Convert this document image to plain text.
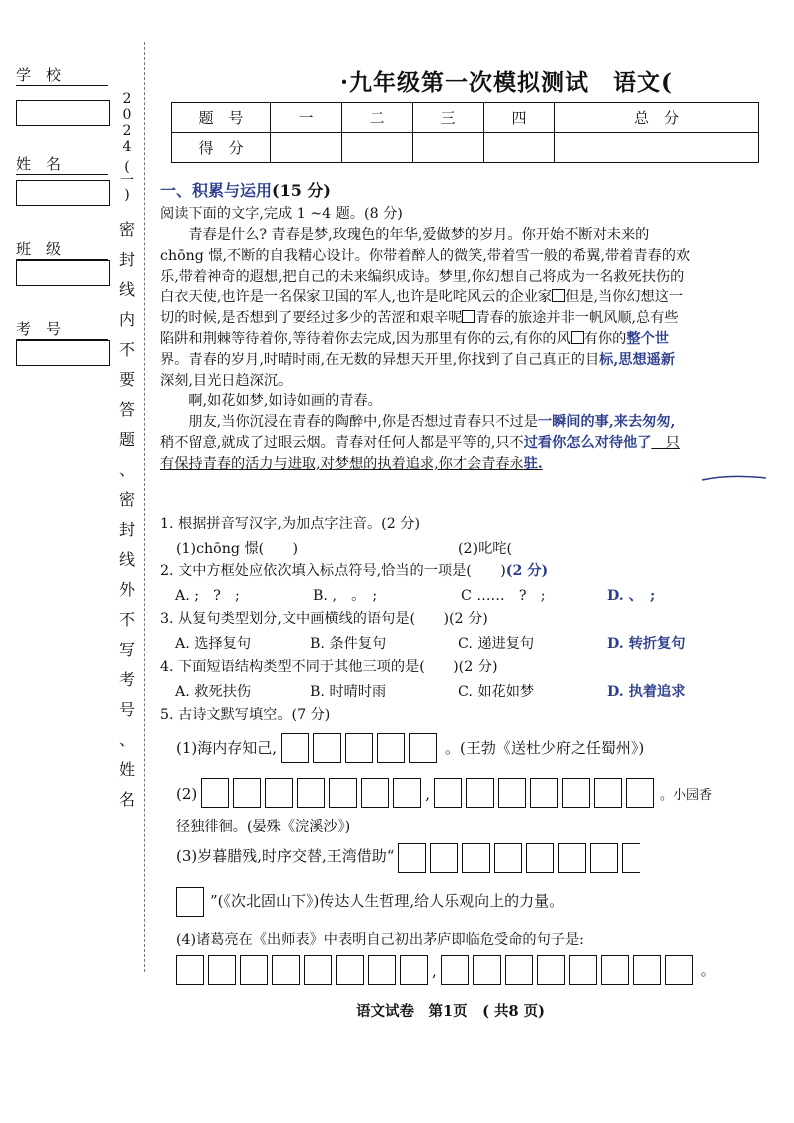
学　校
姓　名
班　级
考　号
2
0
2
4
(
一
)
密
封
线
内
不
要
答
题
、
密
封
线
外
不
写
考
号
、
姓
名
·九年级第一次模拟测试　语文(
题　号	一	二	三	四	总　分
得　分					
一、积累与运用(15 分)
阅读下面的文字,完成 1 ~4 题。(8 分)
　　青春是什么? 青春是梦,玫瑰色的年华,爱做梦的岁月。你开始不断对未来的
chōng 憬,不断的自我精心设计。你带着醉人的微笑,带着雪一般的希翼,带着青春的欢
乐,带着神奇的遐想,把自己的未来编织成诗。梦里,你幻想自己将成为一名救死扶伤的
白衣天使,也许是一名保家卫国的军人,也许是叱咤风云的企业家 但是,当你幻想这一
切的时候,是否想到了要经过多少的苦涩和艰辛呢 青春的旅途并非一帆风顺,总有些
陷阱和荆棘等待着你,等待着你去完成,因为那里有你的云,有你的风 有你的整个世
界。青春的岁月,时晴时雨,在无数的异想天开里,你找到了自己真正的目标,思想遥新
深刻,目光日趋深沉。
　　啊,如花如梦,如诗如画的青春。
　　朋友,当你沉浸在青春的陶醉中,你是否想过青春只不过是一瞬间的事,来去匆匆,
稍不留意,就成了过眼云烟。青春对任何人都是平等的,只不过看你怎么对待他了　只
有保持青春的活力与进取,对梦想的执着追求,你才会青春永驻.
1. 根据拼音写汉字,为加点字注音。(2 分)
(1)chōng 憬(　　)	(2)叱咤(
2. 文中方框处应依次填入标点符号,恰当的一项是(　　)(2 分)
A. ;　?　;	B. ,　。　;	C ……　?　;	D. 、　;
3. 从复句类型划分,文中画横线的语句是(　　)(2 分)
A. 选择复句	B. 条件复句	C. 递进复句	D. 转折复句
4. 下面短语结构类型不同于其他三项的是(　　)(2 分)
A. 救死扶伤	B. 时晴时雨	C. 如花如梦	D. 执着追求
5. 古诗文默写填空。(7 分)
(1)海内存知己,	。(王勃《送杜少府之任蜀州》)
(2)	,	。小园香
径独徘徊。(晏殊《浣溪沙》)
(3)岁暮腊残,时序交替,王湾借助“
”(《次北固山下》)传达人生哲理,给人乐观向上的力量。
(4)诸葛亮在《出师表》中表明自己初出茅庐即临危受命的句子是:
,	。
语文试卷　第1页　( 共8 页)
